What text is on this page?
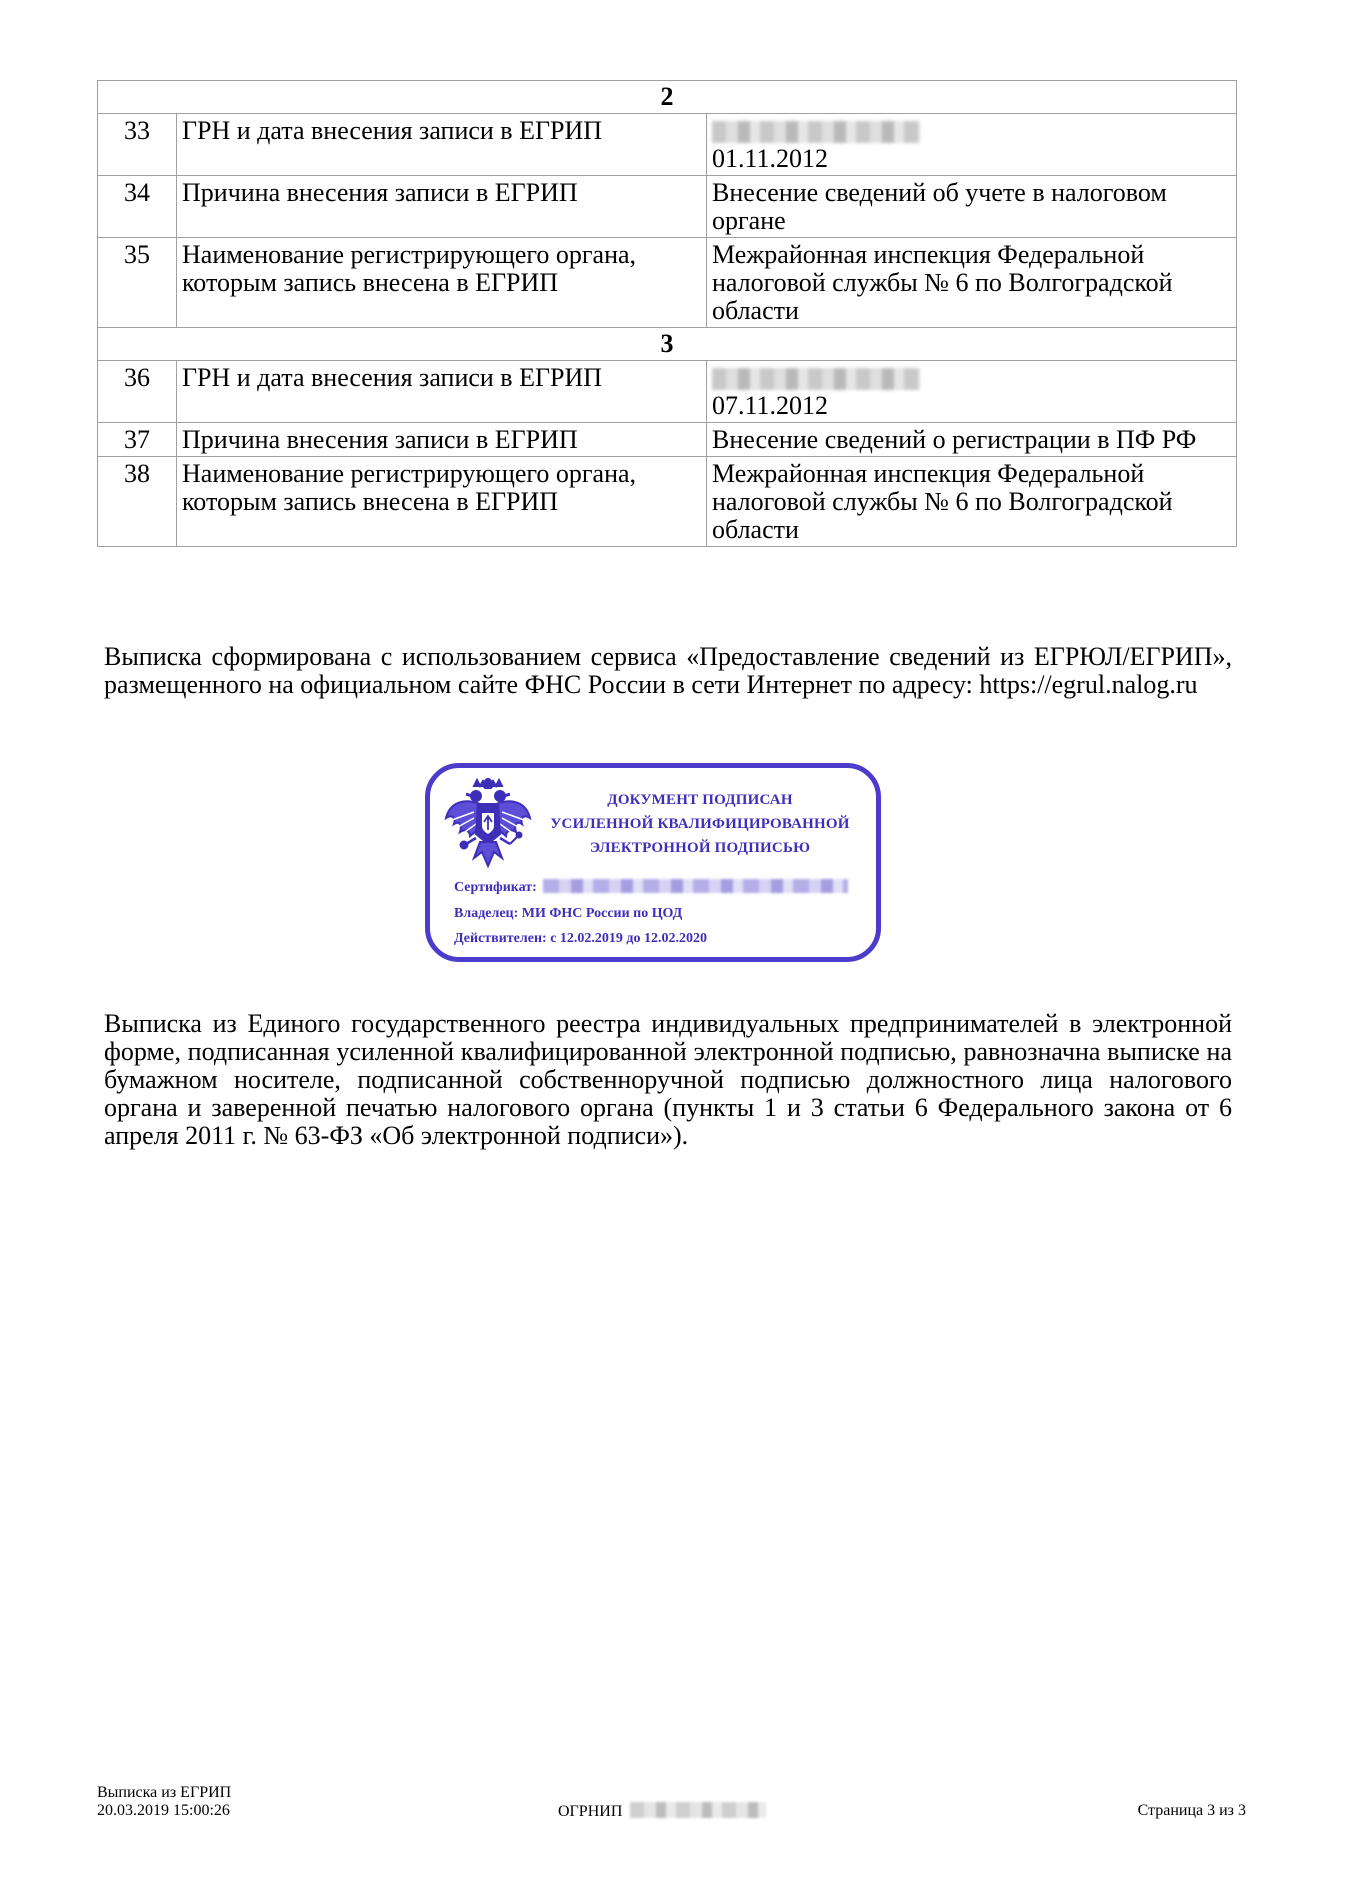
2		
33	ГРН и дата внесения записи в ЕГРИП	01.11.2012
34	Причина внесения записи в ЕГРИП	Внесение сведений об учете в налоговом органе
35	Наименование регистрирующего органа, которым запись внесена в ЕГРИП	Межрайонная инспекция Федеральной налоговой службы № 6 по Волгоградской области
3		
36	ГРН и дата внесения записи в ЕГРИП	07.11.2012
37	Причина внесения записи в ЕГРИП	Внесение сведений о регистрации в ПФ РФ
38	Наименование регистрирующего органа, которым запись внесена в ЕГРИП	Межрайонная инспекция Федеральной налоговой службы № 6 по Волгоградской области

Выписка сформирована с использованием сервиса «Предоставление сведений из ЕГРЮЛ/ЕГРИП», размещенного на официальном сайте ФНС России в сети Интернет по адресу: https://egrul.nalog.ru

ДОКУМЕНТ ПОДПИСАН
УСИЛЕННОЙ КВАЛИФИЦИРОВАННОЙ
ЭЛЕКТРОННОЙ ПОДПИСЬЮ
Сертификат:
Владелец: МИ ФНС России по ЦОД
Действителен: с 12.02.2019 до 12.02.2020

Выписка из Единого государственного реестра индивидуальных предпринимателей в электронной форме, подписанная усиленной квалифицированной электронной подписью, равнозначна выписке на бумажном носителе, подписанной собственноручной подписью должностного лица налогового органа и заверенной печатью налогового органа (пункты 1 и 3 статьи 6 Федерального закона от 6 апреля 2011 г. № 63-ФЗ «Об электронной подписи»).

Выписка из ЕГРИП
20.03.2019 15:00:26	ОГРНИП	Страница 3 из 3
